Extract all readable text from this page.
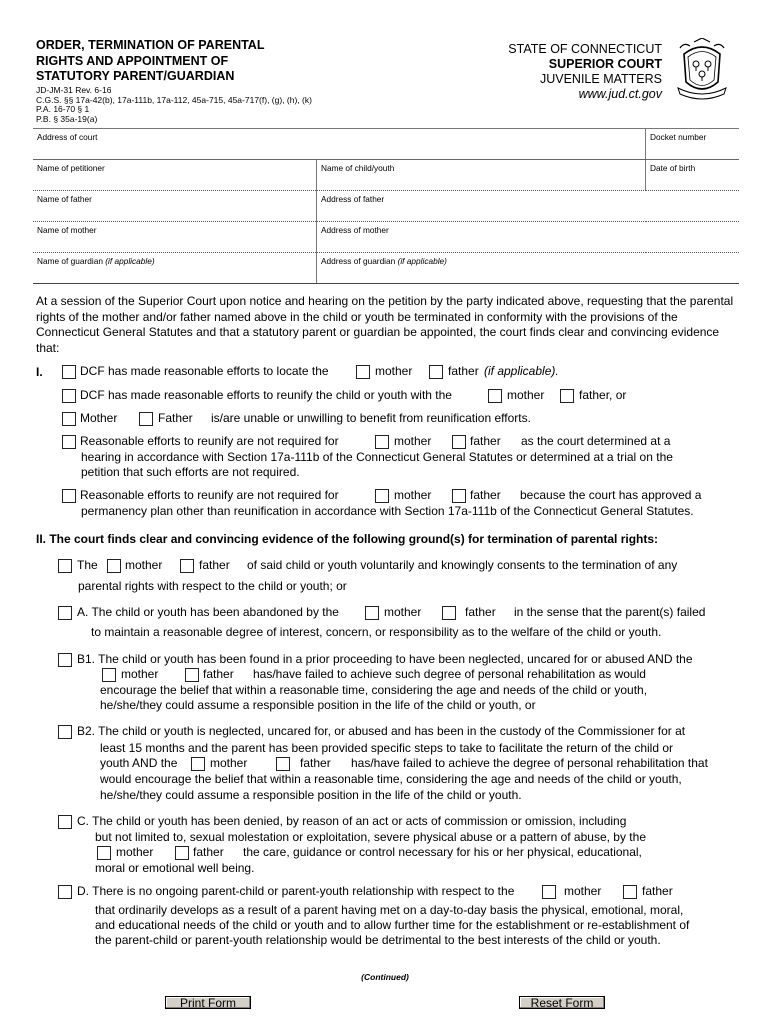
ORDER, TERMINATION OF PARENTAL
RIGHTS AND APPOINTMENT OF
STATUTORY PARENT/GUARDIAN
JD-JM-31 Rev. 6-16
C.G.S. §§ 17a-42(b), 17a-111b, 17a-112, 45a-715, 45a-717(f), (g), (h), (k)
P.A. 16-70 § 1
P.B. § 35a-19(a)
STATE OF CONNECTICUT
SUPERIOR COURT
JUVENILE MATTERS
www.jud.ct.gov
Address of court		Docket number
Name of petitioner	Name of child/youth	Date of birth
Name of father	Address of father	
Name of mother	Address of mother	
Name of guardian (if applicable)	Address of guardian (if applicable)	
At a session of the Superior Court upon notice and hearing on the petition by the party indicated above, requesting that the parental rights of the mother and/or father named above in the child or youth be terminated in conformity with the provisions of the Connecticut General Statutes and that a statutory parent or guardian be appointed, the court finds clear and convincing evidence that:
I.	DCF has made reasonable efforts to locate the	mother	father (if applicable).
DCF has made reasonable efforts to reunify the child or youth with the	mother	father, or
Mother	Father is/are unable or unwilling to benefit from reunification efforts.
Reasonable efforts to reunify are not required for	mother	father as the court determined at a
hearing in accordance with Section 17a-111b of the Connecticut General Statutes or determined at a trial on the
petition that such efforts are not required.
Reasonable efforts to reunify are not required for	mother	father because the court has approved a
permanency plan other than reunification in accordance with Section 17a-111b of the Connecticut General Statutes.
II. The court finds clear and convincing evidence of the following ground(s) for termination of parental rights:
The mother	father of said child or youth voluntarily and knowingly consents to the termination of any
parental rights with respect to the child or youth; or
A. The child or youth has been abandoned by the	mother	father in the sense that the parent(s) failed
to maintain a reasonable degree of interest, concern, or responsibility as to the welfare of the child or youth.
B1. The child or youth has been found in a prior proceeding to have been neglected, uncared for or abused AND the
mother	father has/have failed to achieve such degree of personal rehabilitation as would
encourage the belief that within a reasonable time, considering the age and needs of the child or youth,
he/she/they could assume a responsible position in the life of the child or youth, or
B2. The child or youth is neglected, uncared for, or abused and has been in the custody of the Commissioner for at
least 15 months and the parent has been provided specific steps to take to facilitate the return of the child or
youth AND the	mother	father has/have failed to achieve the degree of personal rehabilitation that
would encourage the belief that within a reasonable time, considering the age and needs of the child or youth,
he/she/they could assume a responsible position in the life of the child or youth.
C. The child or youth has been denied, by reason of an act or acts of commission or omission, including
but not limited to, sexual molestation or exploitation, severe physical abuse or a pattern of abuse, by the
mother	father the care, guidance or control necessary for his or her physical, educational,
moral or emotional well being.
D. There is no ongoing parent-child or parent-youth relationship with respect to the	mother	father
that ordinarily develops as a result of a parent having met on a day-to-day basis the physical, emotional, moral,
and educational needs of the child or youth and to allow further time for the establishment or re-establishment of
the parent-child or parent-youth relationship would be detrimental to the best interests of the child or youth.
(Continued)
Print Form	Reset Form
